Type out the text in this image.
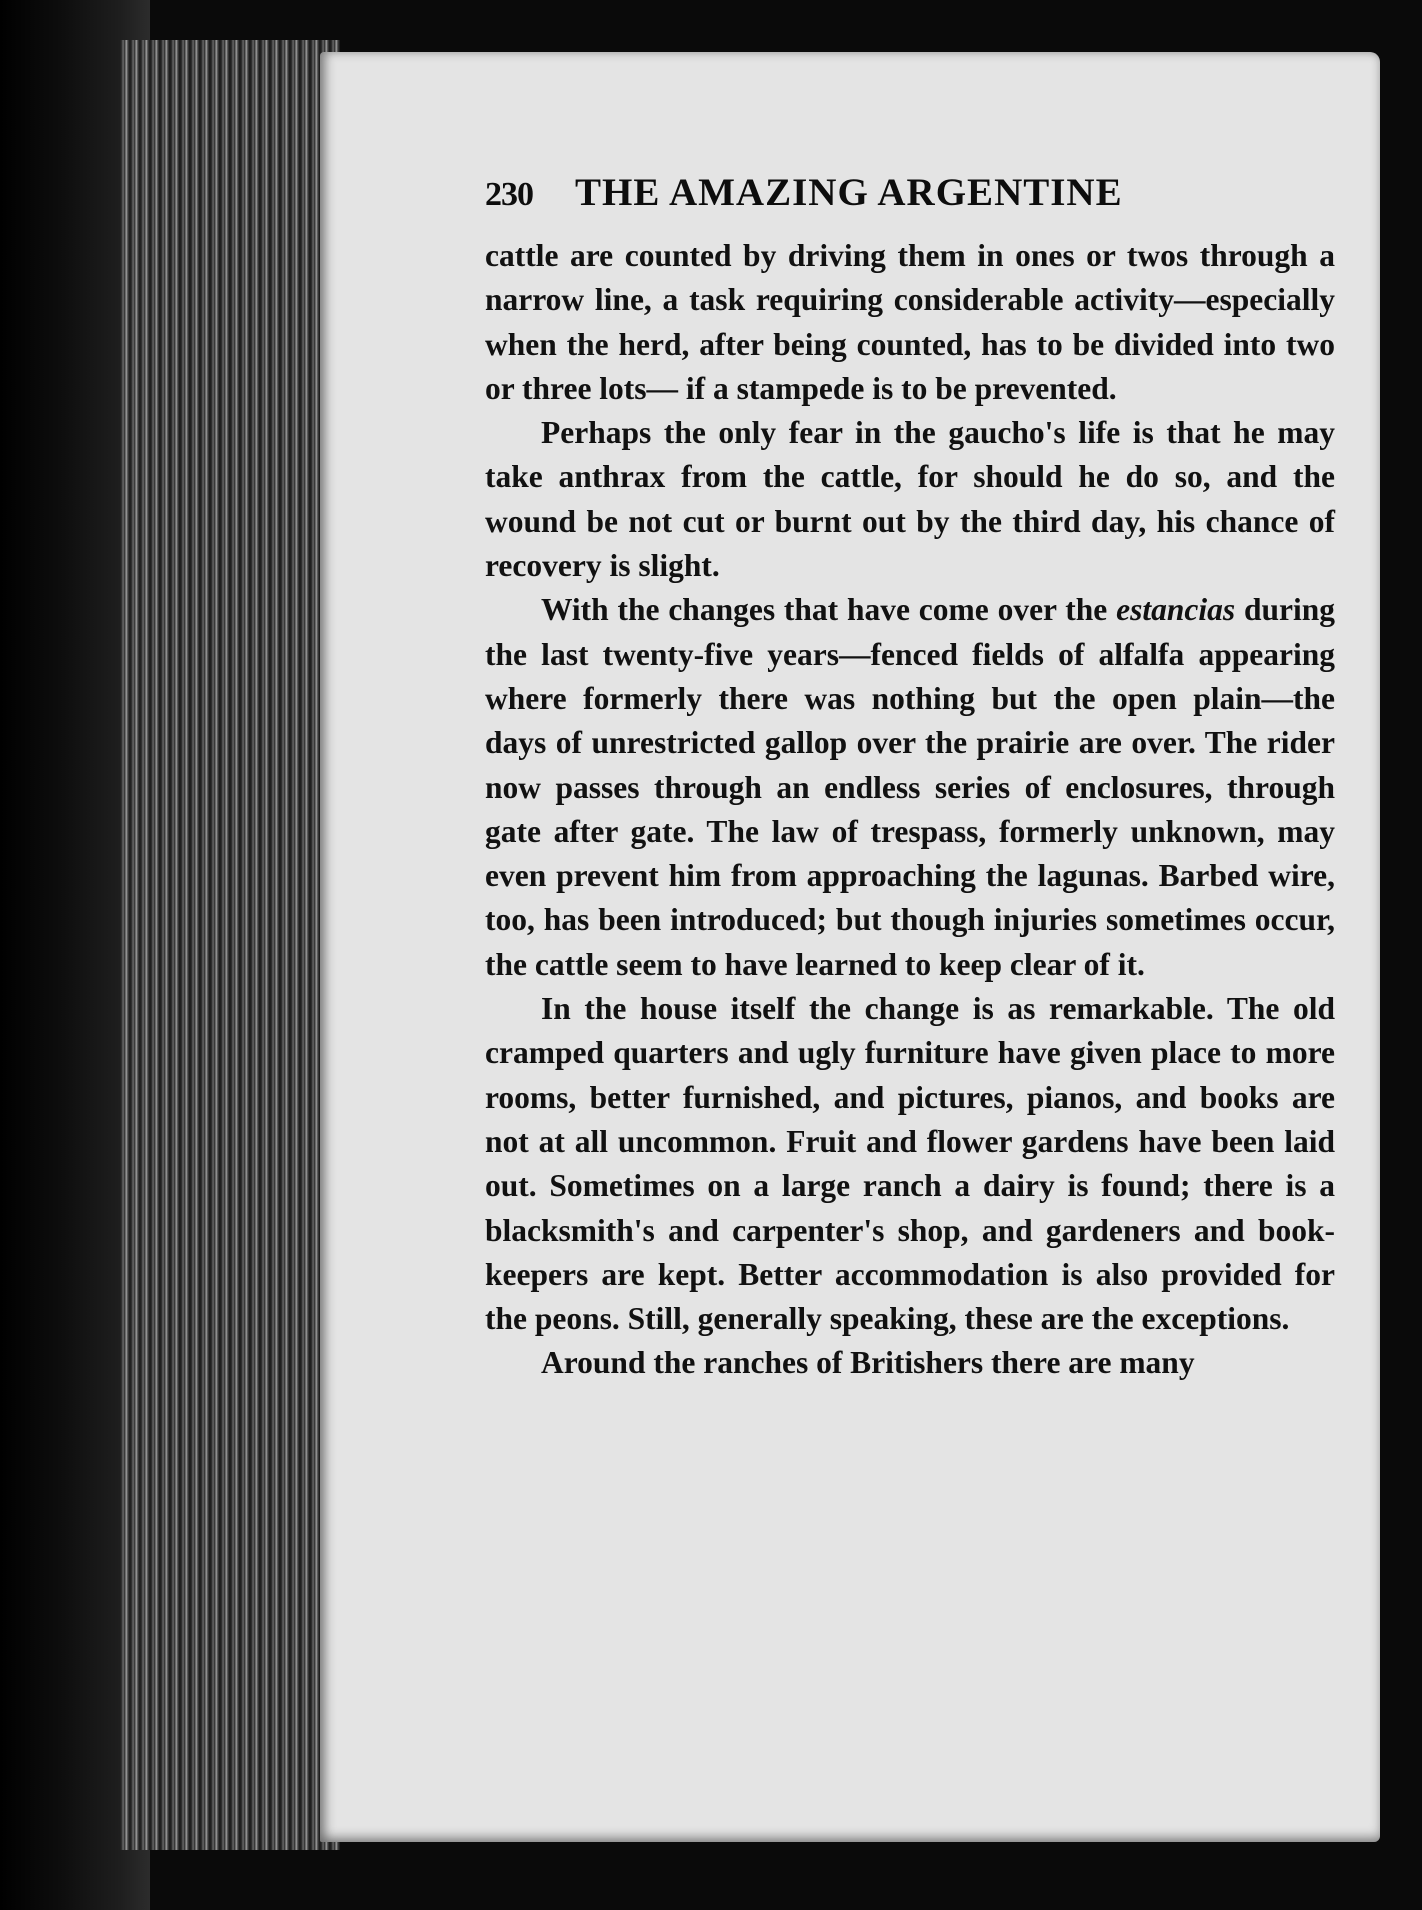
230	THE AMAZING ARGENTINE

cattle are counted by driving them in ones or twos through a narrow line, a task requiring considerable activity—especially when the herd, after being counted, has to be divided into two or three lots— if a stampede is to be prevented.

Perhaps the only fear in the gaucho's life is that he may take anthrax from the cattle, for should he do so, and the wound be not cut or burnt out by the third day, his chance of recovery is slight.

With the changes that have come over the estancias during the last twenty-five years—fenced fields of alfalfa appearing where formerly there was nothing but the open plain—the days of unrestricted gallop over the prairie are over. The rider now passes through an endless series of enclosures, through gate after gate. The law of trespass, formerly unknown, may even prevent him from approaching the lagunas. Barbed wire, too, has been introduced; but though injuries sometimes occur, the cattle seem to have learned to keep clear of it.

In the house itself the change is as remarkable. The old cramped quarters and ugly furniture have given place to more rooms, better furnished, and pictures, pianos, and books are not at all uncommon. Fruit and flower gardens have been laid out. Sometimes on a large ranch a dairy is found; there is a blacksmith's and carpenter's shop, and gardeners and book-keepers are kept. Better accommodation is also provided for the peons. Still, generally speaking, these are the exceptions.

Around the ranches of Britishers there are many
